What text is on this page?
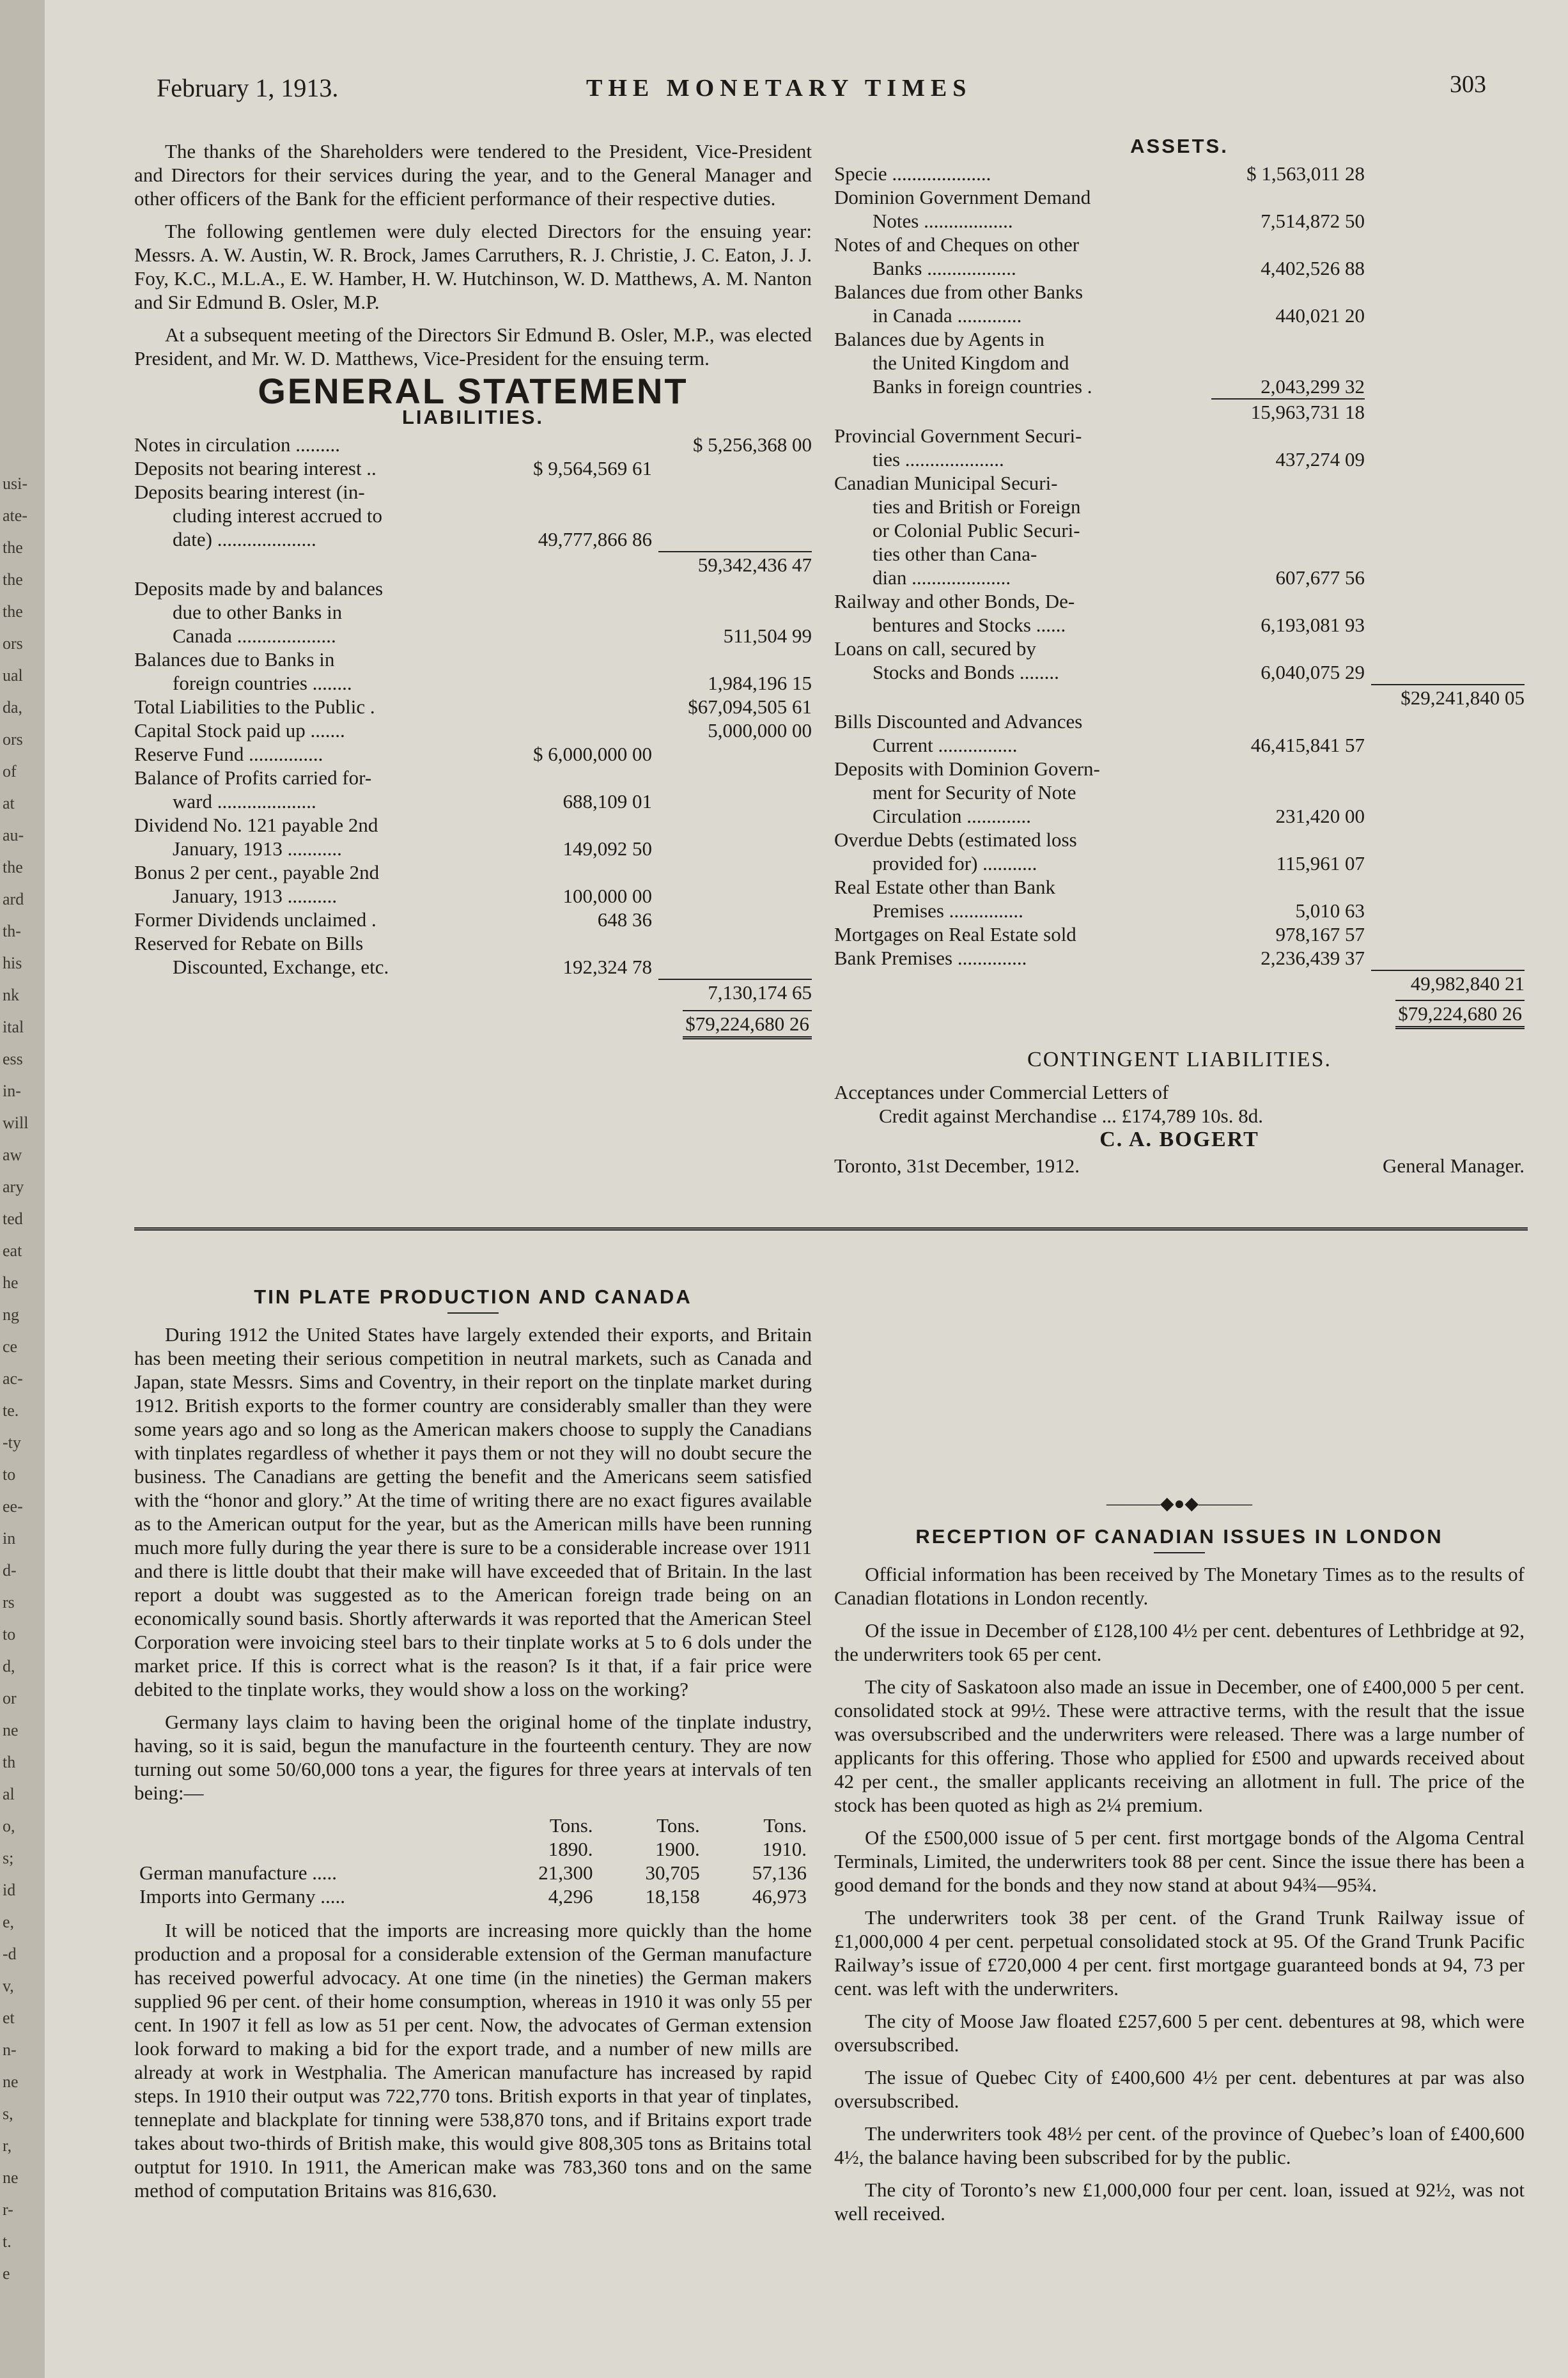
usi-
ate-
the
the
the
ors
ual
da,
ors
of
at
au-
the
ard
th-
his
nk
ital
ess
in-
will
aw
ary
ted
eat
he
ng
ce
ac-
te.
-ty
to
ee-
in
d-
rs
to
d,
or
ne
th
al
o,
s;
id
e,
-d
v,
et
n-
ne
s,
r,
ne
r-
t.
e
February 1, 1913.	THE MONETARY TIMES	303

The thanks of the Shareholders were tendered to the President, Vice-President and Directors for their services during the year, and to the General Manager and other officers of the Bank for the efficient performance of their respective duties.

The following gentlemen were duly elected Directors for the ensuing year: Messrs. A. W. Austin, W. R. Brock, James Carruthers, R. J. Christie, J. C. Eaton, J. J. Foy, K.C., M.L.A., E. W. Hamber, H. W. Hutchinson, W. D. Matthews, A. M. Nanton and Sir Edmund B. Osler, M.P.

At a subsequent meeting of the Directors Sir Edmund B. Osler, M.P., was elected President, and Mr. W. D. Matthews, Vice-President for the ensuing term.

GENERAL STATEMENT
LIABILITIES.
Notes in circulation .........	$ 5,256,368 00
Deposits not bearing interest ..	$ 9,564,569 61
Deposits bearing interest (in-
cluding interest accrued to
date) ....................	49,777,866 86
59,342,436 47
Deposits made by and balances
due to other Banks in
Canada ....................	511,504 99
Balances due to Banks in
foreign countries ........	1,984,196 15
Total Liabilities to the Public .	$67,094,505 61
Capital Stock paid up .......	5,000,000 00
Reserve Fund ...............	$ 6,000,000 00
Balance of Profits carried for-
ward ....................	688,109 01
Dividend No. 121 payable 2nd
January, 1913 ...........	149,092 50
Bonus 2 per cent., payable 2nd
January, 1913 ..........	100,000 00
Former Dividends unclaimed .	648 36
Reserved for Rebate on Bills
Discounted, Exchange, etc.	192,324 78
7,130,174 65
$79,224,680 26
ASSETS.
Specie ....................	$ 1,563,011 28
Dominion Government Demand
Notes ..................	7,514,872 50
Notes of and Cheques on other
Banks ..................	4,402,526 88
Balances due from other Banks
in Canada .............	440,021 20
Balances due by Agents in
the United Kingdom and
Banks in foreign countries .	2,043,299 32
15,963,731 18
Provincial Government Securi-
ties ....................	437,274 09
Canadian Municipal Securi-
ties and British or Foreign
or Colonial Public Securi-
ties other than Cana-
dian ....................	607,677 56
Railway and other Bonds, De-
bentures and Stocks ......	6,193,081 93
Loans on call, secured by
Stocks and Bonds ........	6,040,075 29
$29,241,840 05
Bills Discounted and Advances
Current ................	46,415,841 57
Deposits with Dominion Govern-
ment for Security of Note
Circulation .............	231,420 00
Overdue Debts (estimated loss
provided for) ...........	115,961 07
Real Estate other than Bank
Premises ...............	5,010 63
Mortgages on Real Estate sold	978,167 57
Bank Premises ..............	2,236,439 37
49,982,840 21
$79,224,680 26
CONTINGENT LIABILITIES.
Acceptances under Commercial Letters of
Credit against Merchandise ... £174,789 10s. 8d.
C. A. BOGERT
Toronto, 31st December, 1912.	General Manager.
TIN PLATE PRODUCTION AND CANADA

During 1912 the United States have largely extended their exports, and Britain has been meeting their serious competition in neutral markets, such as Canada and Japan, state Messrs. Sims and Coventry, in their report on the tinplate market during 1912. British exports to the former country are considerably smaller than they were some years ago and so long as the American makers choose to supply the Canadians with tinplates regardless of whether it pays them or not they will no doubt secure the business. The Canadians are getting the benefit and the Americans seem satisfied with the “honor and glory.” At the time of writing there are no exact figures available as to the American output for the year, but as the American mills have been running much more fully during the year there is sure to be a considerable increase over 1911 and there is little doubt that their make will have exceeded that of Britain. In the last report a doubt was suggested as to the American foreign trade being on an economically sound basis. Shortly afterwards it was reported that the American Steel Corporation were invoicing steel bars to their tinplate works at 5 to 6 dols under the market price. If this is correct what is the reason? Is it that, if a fair price were debited to the tinplate works, they would show a loss on the working?

Germany lays claim to having been the original home of the tinplate industry, having, so it is said, begun the manufacture in the fourteenth century. They are now turning out some 50/60,000 tons a year, the figures for three years at intervals of ten being:—

	Tons.	Tons.	Tons.
	1890.	1900.	1910.
German manufacture .....	21,300	30,705	57,136
Imports into Germany .....	4,296	18,158	46,973

It will be noticed that the imports are increasing more quickly than the home production and a proposal for a considerable extension of the German manufacture has received powerful advocacy. At one time (in the nineties) the German makers supplied 96 per cent. of their home consumption, whereas in 1910 it was only 55 per cent. In 1907 it fell as low as 51 per cent. Now, the advocates of German extension look forward to making a bid for the export trade, and a number of new mills are already at work in Westphalia. The American manufacture has increased by rapid steps. In 1910 their output was 722,770 tons. British exports in that year of tinplates, tenneplate and blackplate for tinning were 538,870 tons, and if Britains export trade takes about two-thirds of British make, this would give 808,305 tons as Britains total outptut for 1910. In 1911, the American make was 783,360 tons and on the same method of computation Britains was 816,630.

———◆●◆———
RECEPTION OF CANADIAN ISSUES IN LONDON

Official information has been received by The Monetary Times as to the results of Canadian flotations in London recently.

Of the issue in December of £128,100 4½ per cent. debentures of Lethbridge at 92, the underwriters took 65 per cent.

The city of Saskatoon also made an issue in December, one of £400,000 5 per cent. consolidated stock at 99½. These were attractive terms, with the result that the issue was oversubscribed and the underwriters were released. There was a large number of applicants for this offering. Those who applied for £500 and upwards received about 42 per cent., the smaller applicants receiving an allotment in full. The price of the stock has been quoted as high as 2¼ premium.

Of the £500,000 issue of 5 per cent. first mortgage bonds of the Algoma Central Terminals, Limited, the underwriters took 88 per cent. Since the issue there has been a good demand for the bonds and they now stand at about 94¾—95¾.

The underwriters took 38 per cent. of the Grand Trunk Railway issue of £1,000,000 4 per cent. perpetual consolidated stock at 95. Of the Grand Trunk Pacific Railway’s issue of £720,000 4 per cent. first mortgage guaranteed bonds at 94, 73 per cent. was left with the underwriters.

The city of Moose Jaw floated £257,600 5 per cent. debentures at 98, which were oversubscribed.

The issue of Quebec City of £400,600 4½ per cent. debentures at par was also oversubscribed.

The underwriters took 48½ per cent. of the province of Quebec’s loan of £400,600 4½, the balance having been subscribed for by the public.

The city of Toronto’s new £1,000,000 four per cent. loan, issued at 92½, was not well received.
